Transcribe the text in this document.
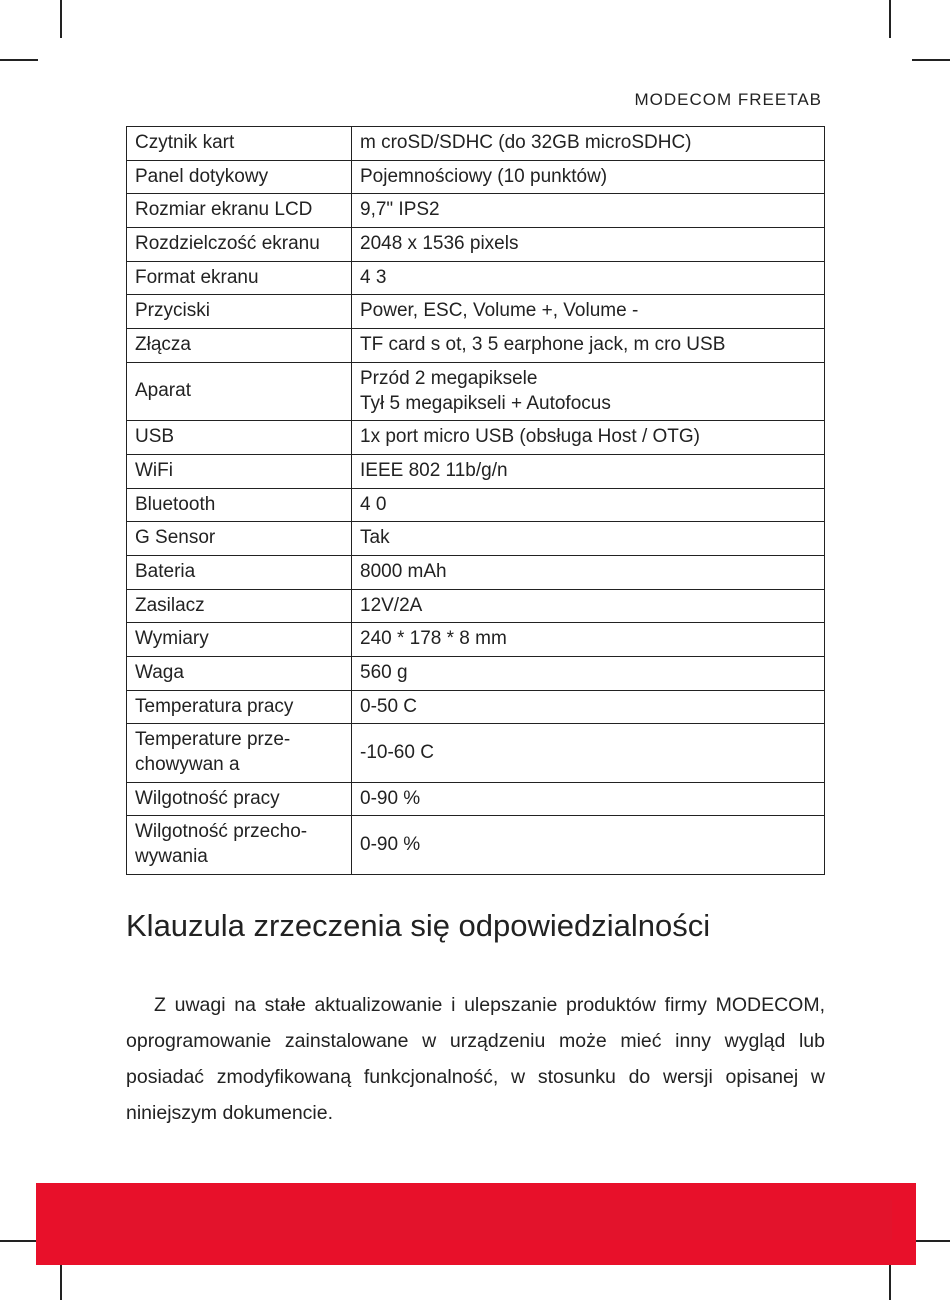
MODECOM FREETAB
Czytnik kart	m croSD/SDHC (do 32GB microSDHC)
Panel dotykowy	Pojemnościowy (10 punktów)
Rozmiar ekranu LCD	9,7" IPS2
Rozdzielczość ekranu	2048 x 1536 pixels
Format ekranu	4 3
Przyciski	Power, ESC, Volume +, Volume -
Złącza	TF card s ot, 3 5 earphone jack, m cro USB
Aparat	Przód 2 megapiksele
Tył 5 megapikseli + Autofocus

USB	1x port micro USB (obsługa Host / OTG)
WiFi	IEEE 802 11b/g/n
Bluetooth	4 0
G Sensor	Tak
Bateria	8000 mAh
Zasilacz	12V/2A
Wymiary	240 * 178 * 8 mm
Waga	560 g
Temperatura pracy	0-50 C
Temperature prze-chowywan a	-10-60 C
Wilgotność pracy	0-90 %
Wilgotność przecho-wywania	0-90 %
Klauzula zrzeczenia się odpowiedzialności

Z uwagi na stałe aktualizowanie i ulepszanie produktów firmy MODECOM, oprogramowanie zainstalowane w urządzeniu może mieć inny wygląd lub posiadać zmodyfikowaną funkcjonalność, w stosunku do wersji opisanej w niniejszym dokumencie.
